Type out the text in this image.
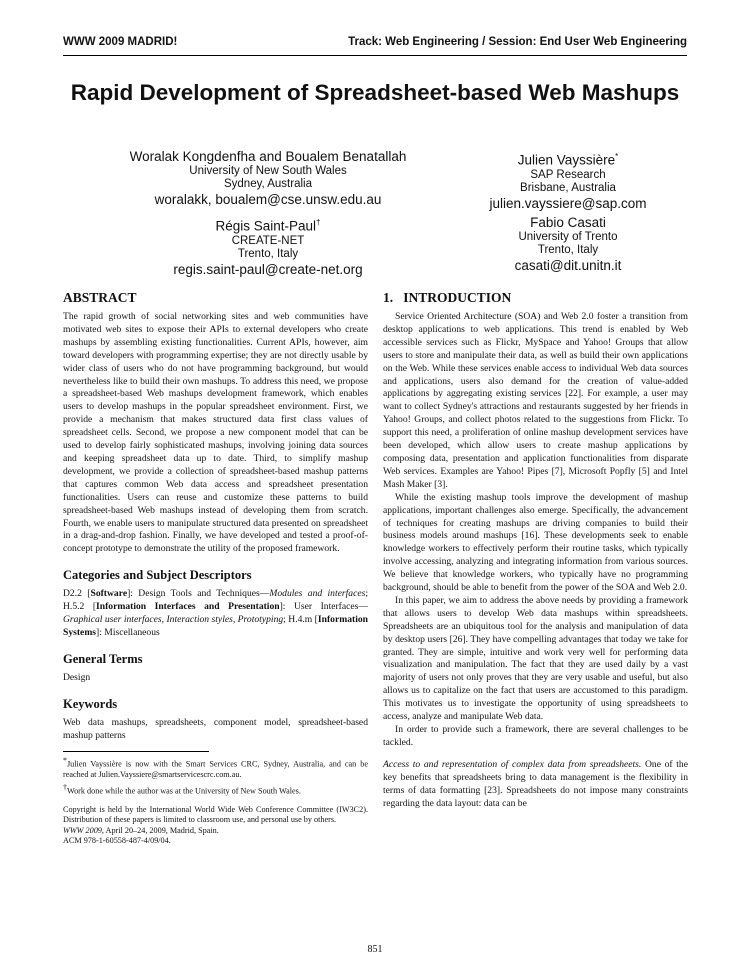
WWW 2009 MADRID!	Track: Web Engineering / Session: End User Web Engineering
Rapid Development of Spreadsheet-based Web Mashups
Woralak Kongdenfha and Boualem Benatallah
University of New South Wales
Sydney, Australia
woralakk, boualem@cse.unsw.edu.au
Julien Vayssière*
SAP Research
Brisbane, Australia
julien.vayssiere@sap.com
Régis Saint-Paul†
CREATE-NET
Trento, Italy
regis.saint-paul@create-net.org
Fabio Casati
University of Trento
Trento, Italy
casati@dit.unitn.it
ABSTRACT

The rapid growth of social networking sites and web communities have motivated web sites to expose their APIs to external developers who create mashups by assembling existing functionalities. Current APIs, however, aim toward developers with programming expertise; they are not directly usable by wider class of users who do not have programming background, but would nevertheless like to build their own mashups. To address this need, we propose a spreadsheet-based Web mashups development framework, which enables users to develop mashups in the popular spreadsheet environment. First, we provide a mechanism that makes structured data first class values of spreadsheet cells. Second, we propose a new component model that can be used to develop fairly sophisticated mashups, involving joining data sources and keeping spreadsheet data up to date. Third, to simplify mashup development, we provide a collection of spreadsheet-based mashup patterns that captures common Web data access and spreadsheet presentation functionalities. Users can reuse and customize these patterns to build spreadsheet-based Web mashups instead of developing them from scratch. Fourth, we enable users to manipulate structured data presented on spreadsheet in a drag-and-drop fashion. Finally, we have developed and tested a proof-of-concept prototype to demonstrate the utility of the proposed framework.

Categories and Subject Descriptors

D2.2 [Software]: Design Tools and Techniques—Modules and interfaces; H.5.2 [Information Interfaces and Presentation]: User Interfaces—Graphical user interfaces, Interaction styles, Prototyping; H.4.m [Information Systems]: Miscellaneous

General Terms

Design

Keywords

Web data mashups, spreadsheets, component model, spreadsheet-based mashup patterns

*Julien Vayssière is now with the Smart Services CRC, Sydney, Australia, and can be reached at Julien.Vayssiere@smartservicescrc.com.au.

†Work done while the author was at the University of New South Wales.

Copyright is held by the International World Wide Web Conference Committee (IW3C2). Distribution of these papers is limited to classroom use, and personal use by others.
WWW 2009, April 20–24, 2009, Madrid, Spain.
ACM 978-1-60558-487-4/09/04.

1.   INTRODUCTION

Service Oriented Architecture (SOA) and Web 2.0 foster a transition from desktop applications to web applications. This trend is enabled by Web accessible services such as Flickr, MySpace and Yahoo! Groups that allow users to store and manipulate their data, as well as build their own applications on the Web. While these services enable access to individual Web data sources and applications, users also demand for the creation of value-added applications by aggregating existing services [22]. For example, a user may want to collect Sydney's attractions and restaurants suggested by her friends in Yahoo! Groups, and collect photos related to the suggestions from Flickr. To support this need, a proliferation of online mashup development services have been developed, which allow users to create mashup applications by composing data, presentation and application functionalities from disparate Web services. Examples are Yahoo! Pipes [7], Microsoft Popfly [5] and Intel Mash Maker [3].

While the existing mashup tools improve the development of mashup applications, important challenges also emerge. Specifically, the advancement of techniques for creating mashups are driving companies to build their business models around mashups [16]. These developments seek to enable knowledge workers to effectively perform their routine tasks, which typically involve accessing, analyzing and integrating information from various sources. We believe that knowledge workers, who typically have no programming background, should be able to benefit from the power of the SOA and Web 2.0.

In this paper, we aim to address the above needs by providing a framework that allows users to develop Web data mashups within spreadsheets. Spreadsheets are an ubiquitous tool for the analysis and manipulation of data by desktop users [26]. They have compelling advantages that today we take for granted. They are simple, intuitive and work very well for performing data visualization and manipulation. The fact that they are used daily by a vast majority of users not only proves that they are very usable and useful, but also allows us to capitalize on the fact that users are accustomed to this paradigm. This motivates us to investigate the opportunity of using spreadsheets to access, analyze and manipulate Web data.

In order to provide such a framework, there are several challenges to be tackled.

Access to and representation of complex data from spreadsheets. One of the key benefits that spreadsheets bring to data management is the flexibility in terms of data formatting [23]. Spreadsheets do not impose many constraints regarding the data layout: data can be

851
